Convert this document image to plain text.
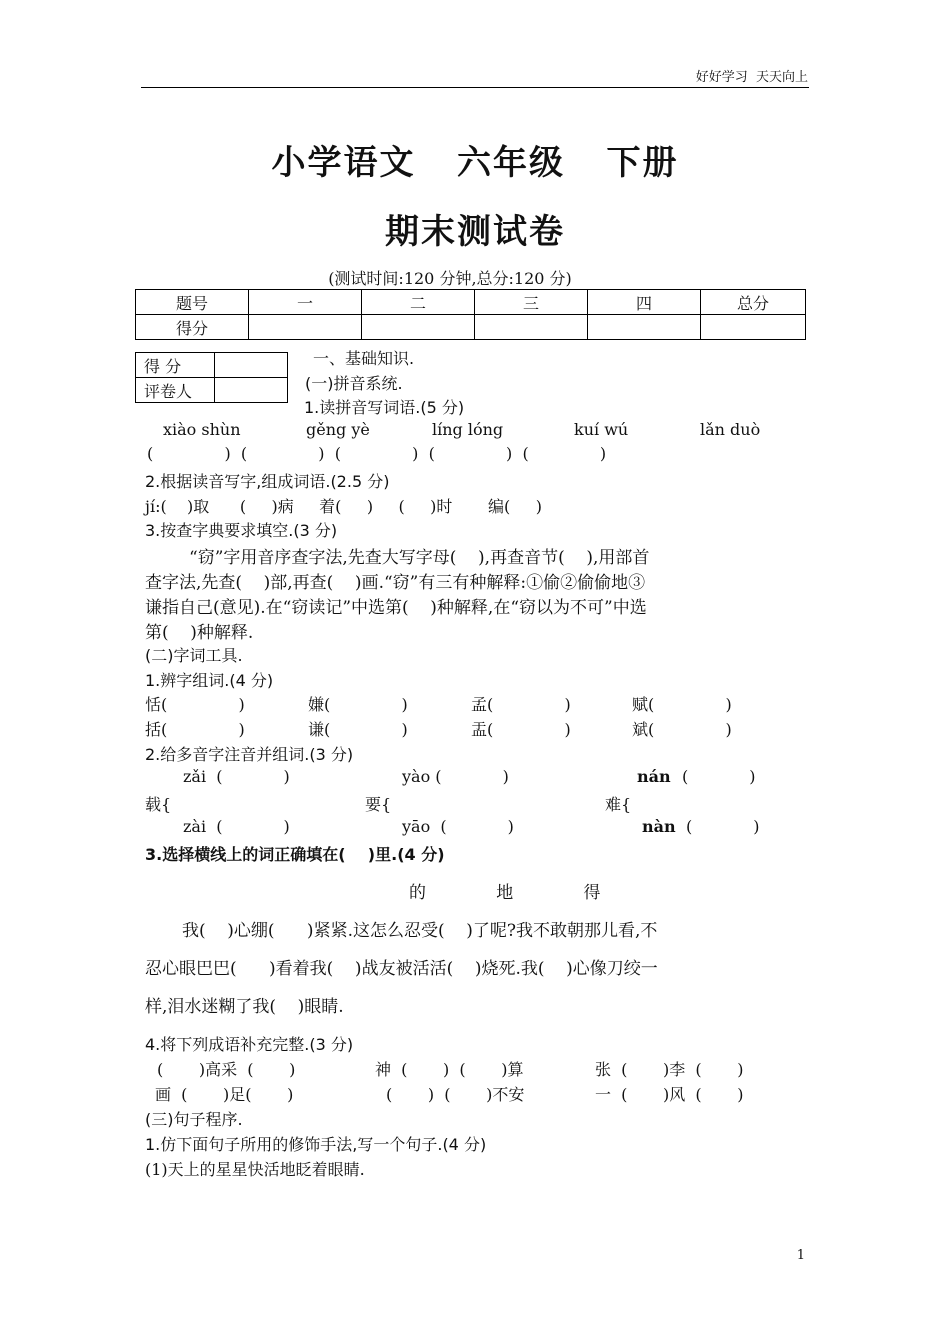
好好学习  天天向上
小学语文   六年级   下册
期末测试卷
(测试时间:120 分钟,总分:120 分)
题号	一	二	三	四	总分
得分					
得 分	
评卷人	
一、基础知识.
(一)拼音系统.
1.读拼音写词语.(5 分)
xiào shùn	gěng yè	líng lóng	kuí wú	lǎn duò
(              )  (              )  (              )  (              )  (              )
2.根据读音写字,组成词语.(2.5 分)
jí:(    )取      (     )病     着(     )     (     )时       编(     )
3.按查字典要求填空.(3 分)
“窃”字用音序查字法,先查大写字母(    ),再查音节(    ),用部首
查字法,先查(    )部,再查(    )画.“窃”有三有种解释:①偷②偷偷地③
谦指自己(意见).在“窃读记”中选第(    )种解释,在“窃以为不可”中选
第(    )种解释.
(二)字词工具.
1.辨字组词.(4 分)
恬(              )	嫌(              )	孟(              )	赋(              )
括(              )	谦(              )	盂(              )	斌(              )
2.给多音字注音并组词.(3 分)
zǎi  (            )	yào (            )	nán (            )
载{	要{	难{
zài  (            )	yāo  (            )	nàn (            )
3.选择横线上的词正确填在(    )里.(4 分)
的             地             得
我(    )心绷(      )紧紧.这怎么忍受(    )了呢?我不敢朝那儿看,不
忍心眼巴巴(      )看着我(    )战友被活活(    )烧死.我(    )心像刀绞一
样,泪水迷糊了我(    )眼睛.
4.将下列成语补充完整.(3 分)
(       )高采  (       )	神  (       )  (       )算	张  (       )李  (       )
画  (       )足(       )	(       )  (       )不安	一  (       )风  (       )
(三)句子程序.
1.仿下面句子所用的修饰手法,写一个句子.(4 分)
(1)天上的星星快活地眨着眼睛.
1
